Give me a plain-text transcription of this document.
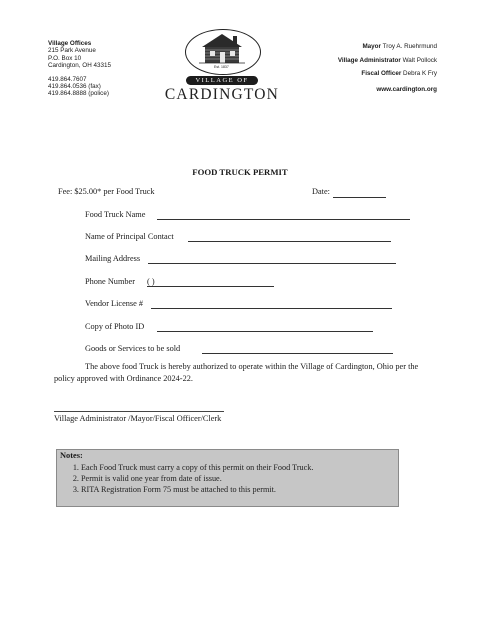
Village Offices
215 Park Avenue
P.O. Box 10
Cardington, OH 43315
419.864.7607
419.864.0536 (fax)
419.864.8888 (police)
Est. 1837
VILLAGE OF
CARDINGTON
Mayor Troy A. Ruehrmund
Village Administrator Walt Pollock
Fiscal Officer Debra K Fry
www.cardington.org
FOOD TRUCK PERMIT
Fee: $25.00* per Food Truck	Date:
Food Truck Name
Name of Principal Contact
Mailing Address
Phone Number ( )
Vendor License #
Copy of Photo ID
Goods or Services to be sold
The above food Truck is hereby authorized to operate within the Village of Cardington, Ohio per the policy approved with Ordinance 2024-22.
Village Administrator /Mayor/Fiscal Officer/Clerk
Notes:
1. Each Food Truck must carry a copy of this permit on their Food Truck.
2. Permit is valid one year from date of issue.
3. RITA Registration Form 75 must be attached to this permit.
